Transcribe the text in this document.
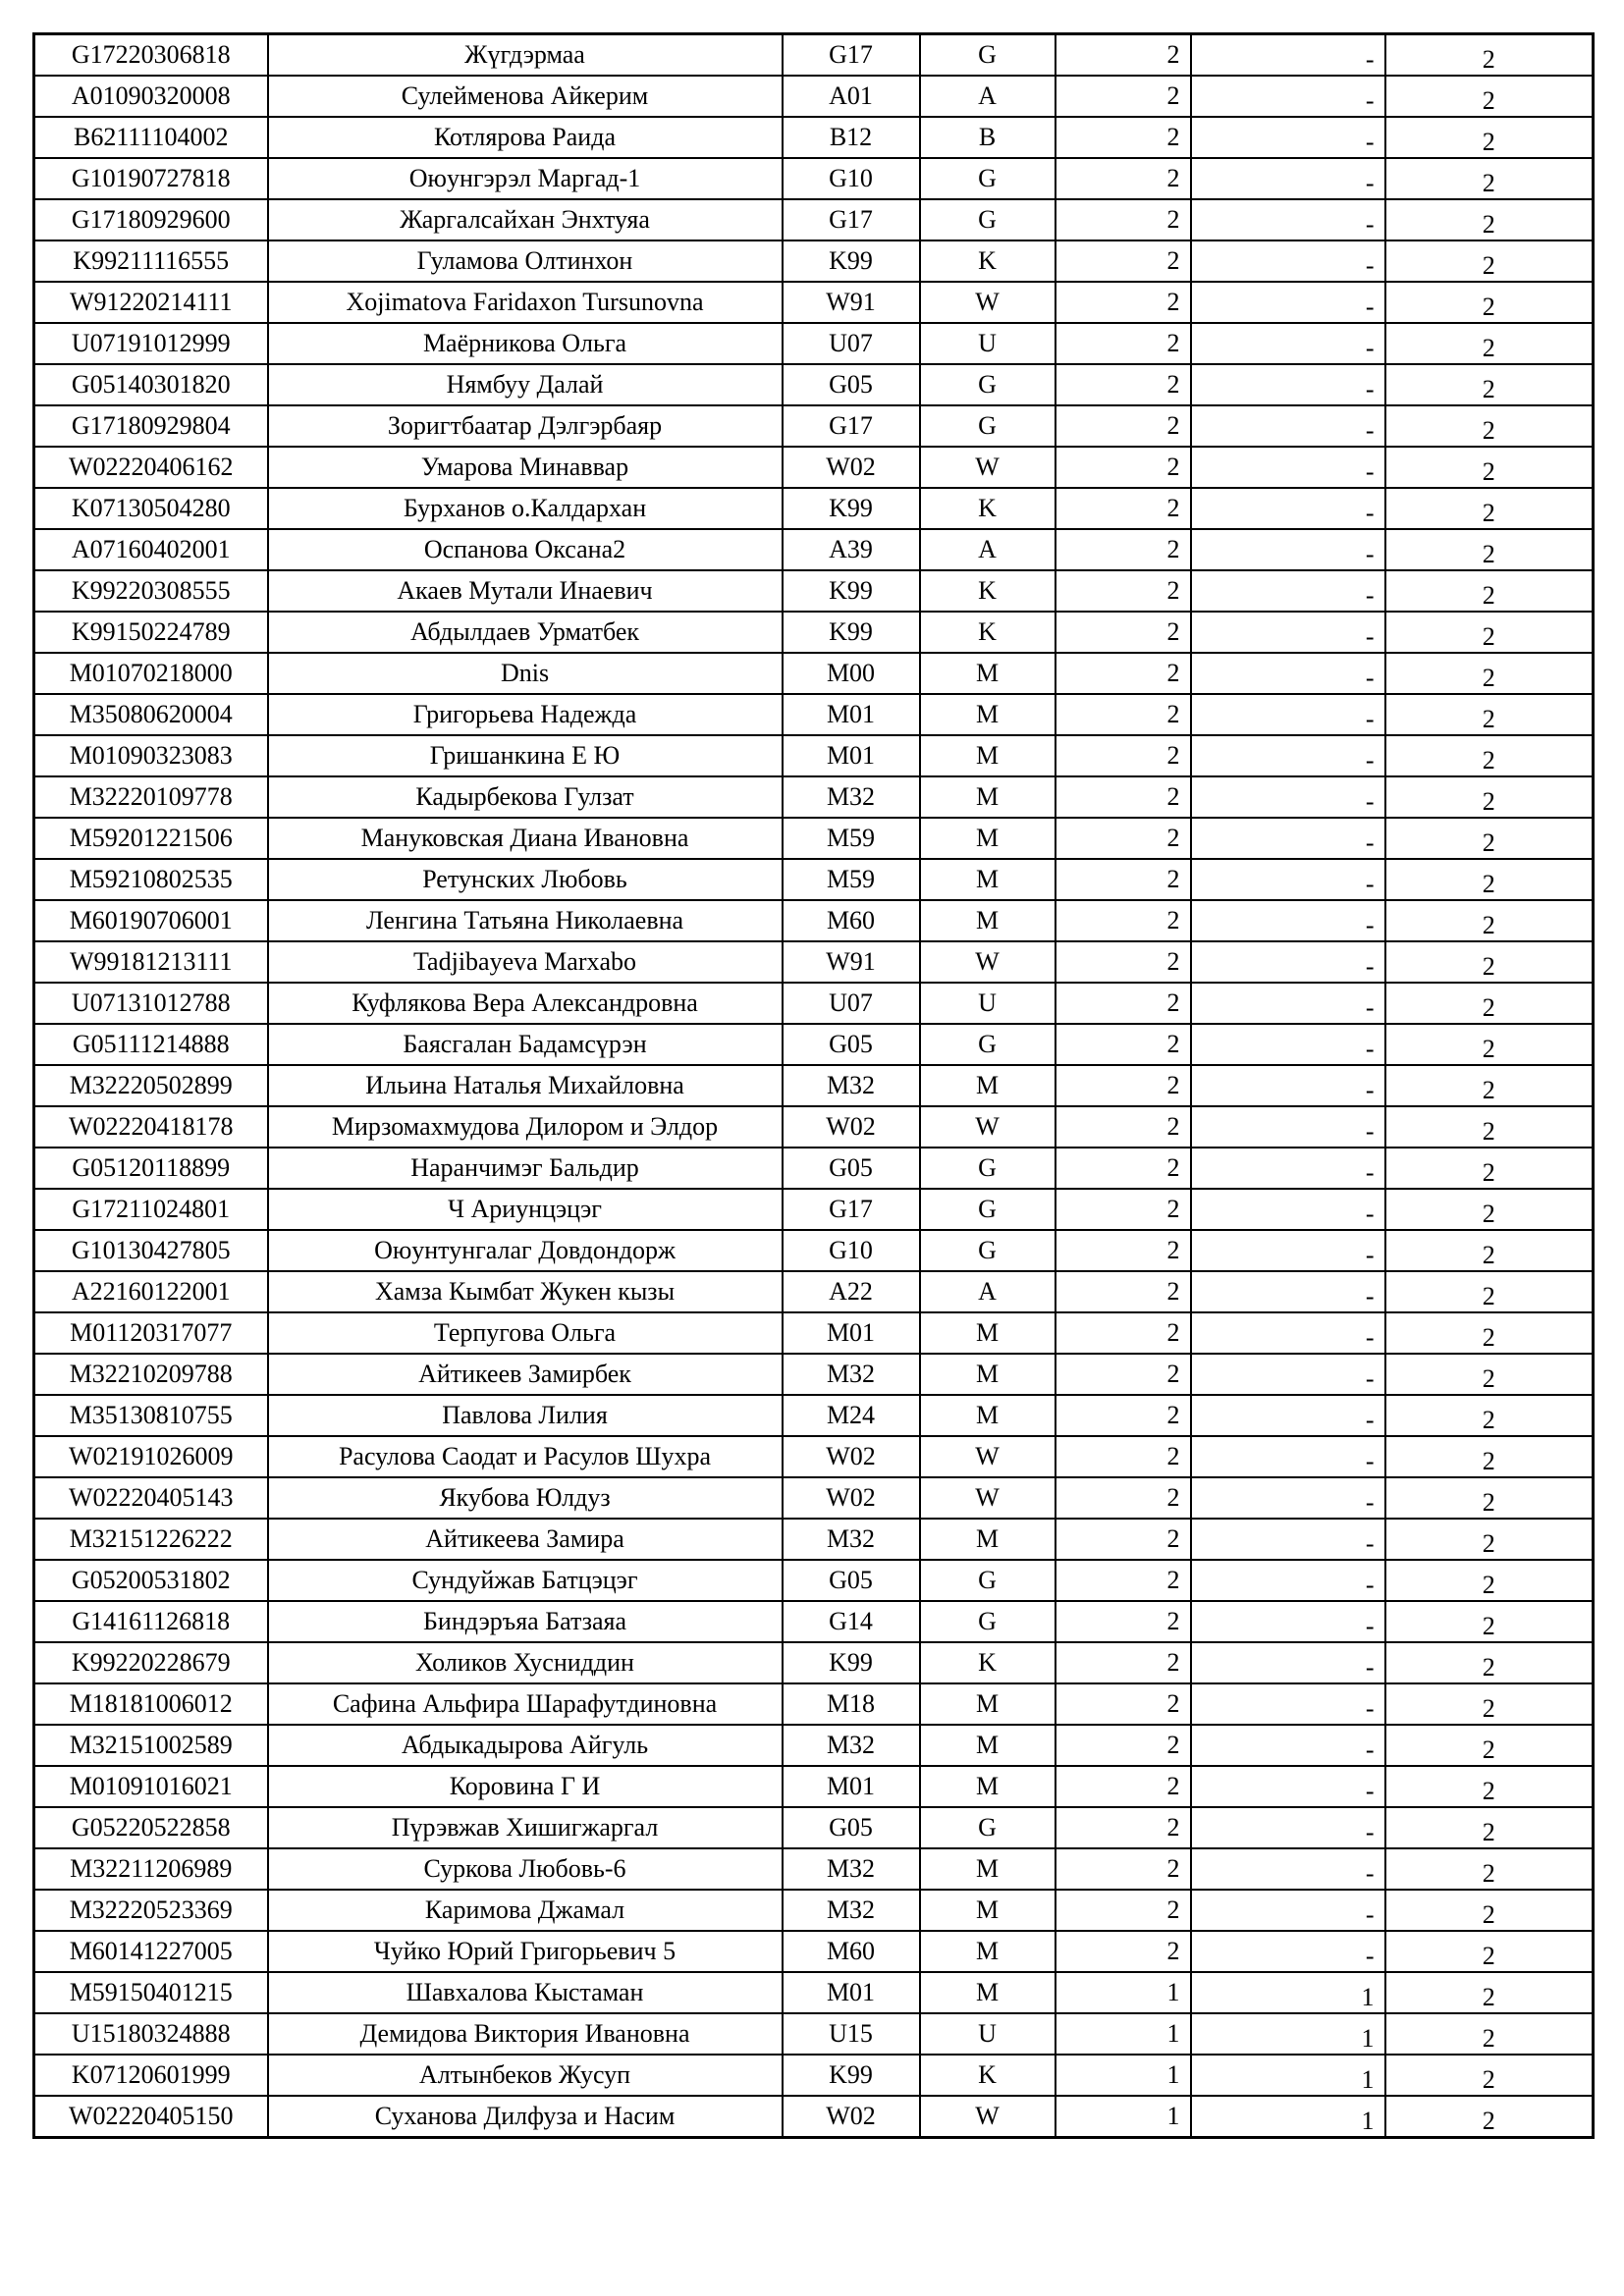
G17220306818	Жүгдэрмаа	G17	G	2	-	2
A01090320008	Сулейменова Айкерим	A01	A	2	-	2
B62111104002	Котлярова Раида	B12	B	2	-	2
G10190727818	Оюунгэрэл Маргад-1	G10	G	2	-	2
G17180929600	Жаргалсайхан Энхтуяа	G17	G	2	-	2
K99211116555	Гуламова Олтинхон	K99	K	2	-	2
W91220214111	Xojimatova Faridaxon Tursunovna	W91	W	2	-	2
U07191012999	Маёрникова Ольга	U07	U	2	-	2
G05140301820	Нямбуу Далай	G05	G	2	-	2
G17180929804	Зоригтбаатар Дэлгэрбаяр	G17	G	2	-	2
W02220406162	Умарова Минаввар	W02	W	2	-	2
K07130504280	Бурханов о.Калдархан	K99	K	2	-	2
A07160402001	Оспанова Оксана2	A39	A	2	-	2
K99220308555	Акаев Мутали Инаевич	K99	K	2	-	2
K99150224789	Абдылдаев Урматбек	K99	K	2	-	2
M01070218000	Dnis	M00	M	2	-	2
M35080620004	Григорьева Надежда	M01	M	2	-	2
M01090323083	Гришанкина Е Ю	M01	M	2	-	2
M32220109778	Кадырбекова Гулзат	M32	M	2	-	2
M59201221506	Мануковская Диана Ивановна	M59	M	2	-	2
M59210802535	Ретунских Любовь	M59	M	2	-	2
M60190706001	Ленгина Татьяна Николаевна	M60	M	2	-	2
W99181213111	Tadjibayeva Marxabo	W91	W	2	-	2
U07131012788	Куфлякова Вера Александровна	U07	U	2	-	2
G05111214888	Баясгалан Бадамсүрэн	G05	G	2	-	2
M32220502899	Ильина Наталья Михайловна	M32	M	2	-	2
W02220418178	Мирзомахмудова Дилором и Элдор	W02	W	2	-	2
G05120118899	Наранчимэг Бальдир	G05	G	2	-	2
G17211024801	Ч Ариунцэцэг	G17	G	2	-	2
G10130427805	Оюунтунгалаг Довдондорж	G10	G	2	-	2
A22160122001	Хамза Кымбат Жукен кызы	A22	A	2	-	2
M01120317077	Терпугова Ольга	M01	M	2	-	2
M32210209788	Айтикеев Замирбек	M32	M	2	-	2
M35130810755	Павлова Лилия	M24	M	2	-	2
W02191026009	Расулова Саодат и Расулов Шухра	W02	W	2	-	2
W02220405143	Якубова Юлдуз	W02	W	2	-	2
M32151226222	Айтикеева Замира	M32	M	2	-	2
G05200531802	Сундуйжав Батцэцэг	G05	G	2	-	2
G14161126818	Биндэръяа Батзаяа	G14	G	2	-	2
K99220228679	Холиков Хусниддин	K99	K	2	-	2
M18181006012	Сафина Альфира Шарафутдиновна	M18	M	2	-	2
M32151002589	Абдыкадырова Айгуль	M32	M	2	-	2
M01091016021	Коровина Г И	M01	M	2	-	2
G05220522858	Пүрэвжав Хишигжаргал	G05	G	2	-	2
M32211206989	Суркова Любовь-6	M32	M	2	-	2
M32220523369	Каримова Джамал	M32	M	2	-	2
M60141227005	Чуйко Юрий Григорьевич 5	M60	M	2	-	2
M59150401215	Шавхалова Кыстаман	M01	M	1	1	2
U15180324888	Демидова Виктория Ивановна	U15	U	1	1	2
K07120601999	Алтынбеков Жусуп	K99	K	1	1	2
W02220405150	Суханова Дилфуза и Насим	W02	W	1	1	2
